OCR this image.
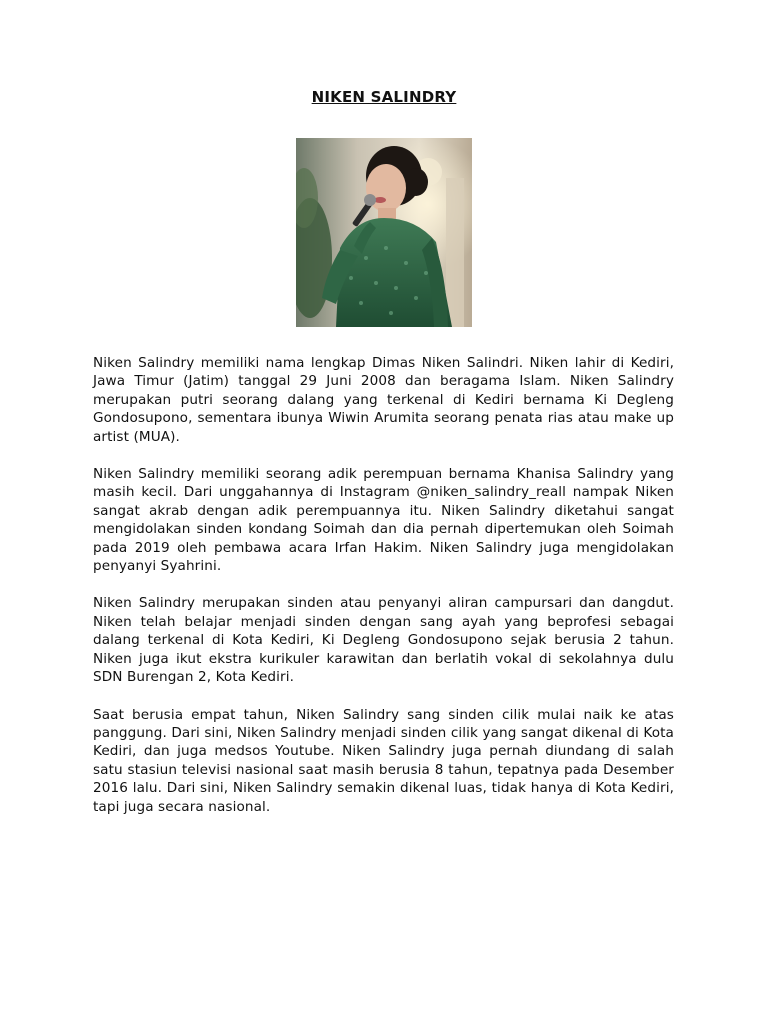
NIKEN SALINDRY

Niken Salindry memiliki nama lengkap Dimas Niken Salindri. Niken lahir di Kediri, Jawa Timur (Jatim) tanggal 29 Juni 2008 dan beragama Islam. Niken Salindry merupakan putri seorang dalang yang terkenal di Kediri bernama Ki Degleng Gondosupono, sementara ibunya Wiwin Arumita seorang penata rias atau make up artist (MUA).

Niken Salindry memiliki seorang adik perempuan bernama Khanisa Salindry yang masih kecil. Dari unggahannya di Instagram @niken_salindry_reall nampak Niken sangat akrab dengan adik perempuannya itu. Niken Salindry diketahui sangat mengidolakan sinden kondang Soimah dan dia pernah dipertemukan oleh Soimah pada 2019 oleh pembawa acara Irfan Hakim. Niken Salindry juga mengidolakan penyanyi Syahrini.

Niken Salindry merupakan sinden atau penyanyi aliran campursari dan dangdut. Niken telah belajar menjadi sinden dengan sang ayah yang beprofesi sebagai dalang terkenal di Kota Kediri, Ki Degleng Gondosupono sejak berusia 2 tahun. Niken juga ikut ekstra kurikuler karawitan dan berlatih vokal di sekolahnya dulu SDN Burengan 2, Kota Kediri.

Saat berusia empat tahun, Niken Salindry sang sinden cilik mulai naik ke atas panggung. Dari sini, Niken Salindry menjadi sinden cilik yang sangat dikenal di Kota Kediri, dan juga medsos Youtube. Niken Salindry juga pernah diundang di salah satu stasiun televisi nasional saat masih berusia 8 tahun, tepatnya pada Desember 2016 lalu. Dari sini, Niken Salindry semakin dikenal luas, tidak hanya di Kota Kediri, tapi juga secara nasional.
